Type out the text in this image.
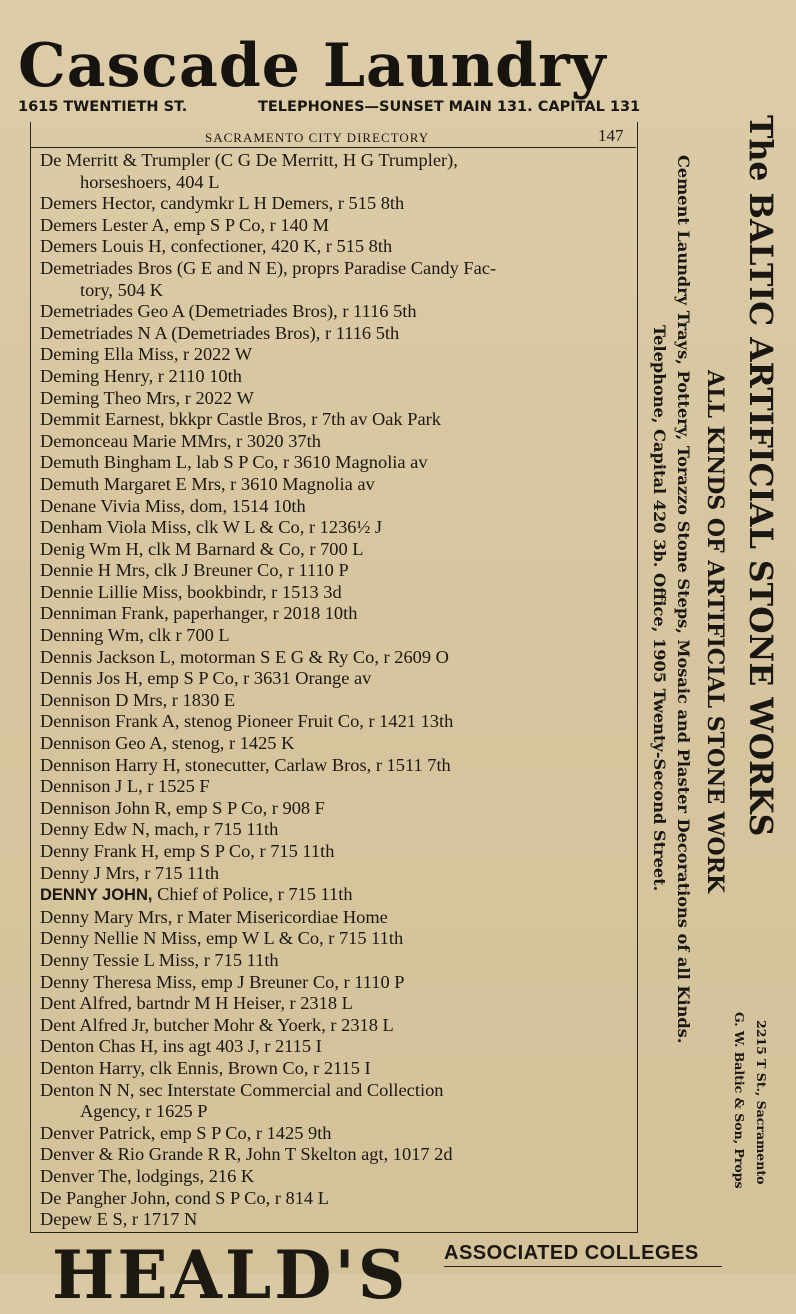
Cascade Laundry
1615 TWENTIETH ST.	TELEPHONES—SUNSET MAIN 131. CAPITAL 131
SACRAMENTO CITY DIRECTORY	147
De Merritt & Trumpler (C G De Merritt, H G Trumpler),
horseshoers, 404 L
Demers Hector, candymkr L H Demers, r 515 8th
Demers Lester A, emp S P Co, r 140 M
Demers Louis H, confectioner, 420 K, r 515 8th
Demetriades Bros (G E and N E), proprs Paradise Candy Fac-
tory, 504 K
Demetriades Geo A (Demetriades Bros), r 1116 5th
Demetriades N A (Demetriades Bros), r 1116 5th
Deming Ella Miss, r 2022 W
Deming Henry, r 2110 10th
Deming Theo Mrs, r 2022 W
Demmit Earnest, bkkpr Castle Bros, r 7th av Oak Park
Demonceau Marie MMrs, r 3020 37th
Demuth Bingham L, lab S P Co, r 3610 Magnolia av
Demuth Margaret E Mrs, r 3610 Magnolia av
Denane Vivia Miss, dom, 1514 10th
Denham Viola Miss, clk W L & Co, r 1236½ J
Denig Wm H, clk M Barnard & Co, r 700 L
Dennie H Mrs, clk J Breuner Co, r 1110 P
Dennie Lillie Miss, bookbindr, r 1513 3d
Denniman Frank, paperhanger, r 2018 10th
Denning Wm, clk r 700 L
Dennis Jackson L, motorman S E G & Ry Co, r 2609 O
Dennis Jos H, emp S P Co, r 3631 Orange av
Dennison D Mrs, r 1830 E
Dennison Frank A, stenog Pioneer Fruit Co, r 1421 13th
Dennison Geo A, stenog, r 1425 K
Dennison Harry H, stonecutter, Carlaw Bros, r 1511 7th
Dennison J L, r 1525 F
Dennison John R, emp S P Co, r 908 F
Denny Edw N, mach, r 715 11th
Denny Frank H, emp S P Co, r 715 11th
Denny J Mrs, r 715 11th
DENNY JOHN, Chief of Police, r 715 11th
Denny Mary Mrs, r Mater Misericordiae Home
Denny Nellie N Miss, emp W L & Co, r 715 11th
Denny Tessie L Miss, r 715 11th
Denny Theresa Miss, emp J Breuner Co, r 1110 P
Dent Alfred, bartndr M H Heiser, r 2318 L
Dent Alfred Jr, butcher Mohr & Yoerk, r 2318 L
Denton Chas H, ins agt 403 J, r 2115 I
Denton Harry, clk Ennis, Brown Co, r 2115 I
Denton N N, sec Interstate Commercial and Collection
Agency, r 1625 P
Denver Patrick, emp S P Co, r 1425 9th
Denver & Rio Grande R R, John T Skelton agt, 1017 2d
Denver The, lodgings, 216 K
De Pangher John, cond S P Co, r 814 L
Depew E S, r 1717 N
The BALTIC ARTIFICIAL STONE WORKS
ALL KINDS OF ARTIFICIAL STONE WORK
Cement Laundry Trays, Pottery, Torazzo Stone Steps, Mosaic and Plaster Decorations of all Kinds.
Telephone, Capital 420 3b. Office, 1905 Twenty-Second Street.
2215 T St., Sacramento
G. W. Baltic & Son, Props
HEALD'S ASSOCIATED COLLEGES
